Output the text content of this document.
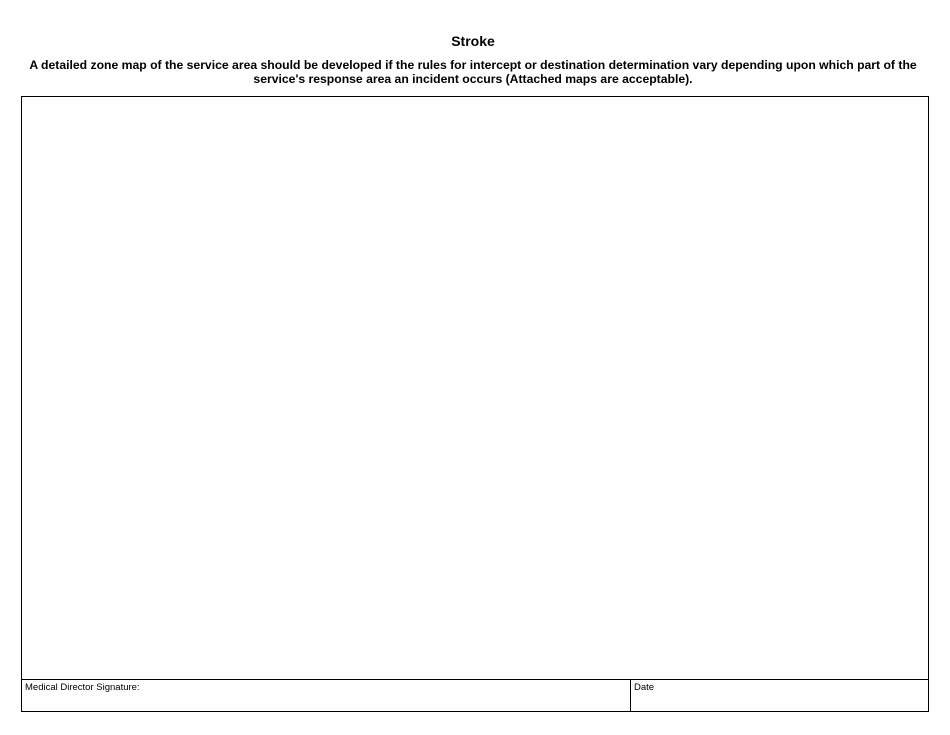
Stroke
A detailed zone map of the service area should be developed if the rules for intercept or destination determination vary depending upon which part of the service's response area an incident occurs (Attached maps are acceptable).
Medical Director Signature:	Date
